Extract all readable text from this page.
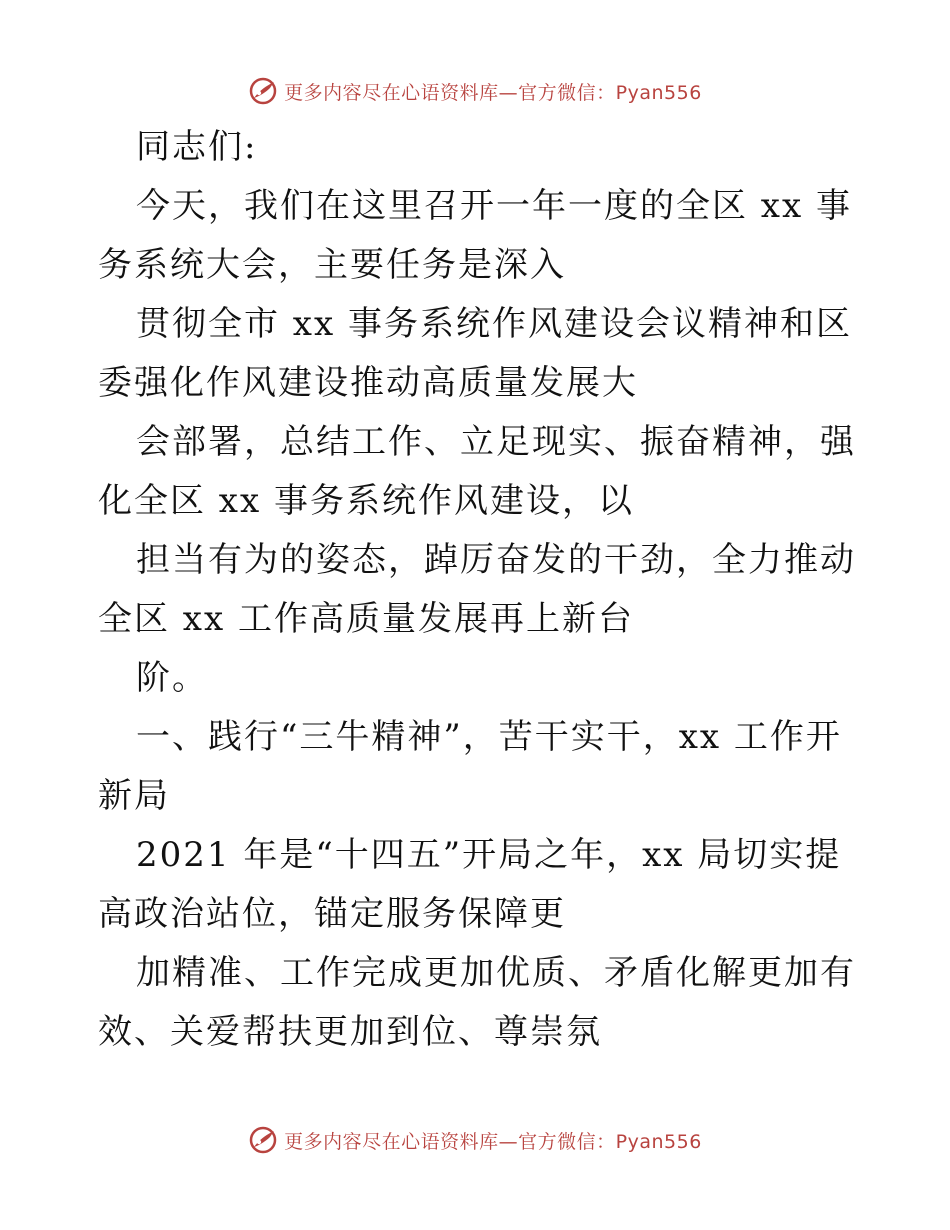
更多内容尽在心语资料库—官方微信：Pyan556

同志们:

今天，我们在这里召开一年一度的全区 xx 事务系统大会，主要任务是深入

贯彻全市 xx 事务系统作风建设会议精神和区委强化作风建设推动高质量发展大

会部署，总结工作、立足现实、振奋精神，强化全区 xx 事务系统作风建设，以

担当有为的姿态，踔厉奋发的干劲，全力推动全区 xx 工作高质量发展再上新台

阶。

一、践行“三牛精神”，苦干实干，xx 工作开新局

2021 年是“十四五”开局之年，xx 局切实提高政治站位，锚定服务保障更

加精准、工作完成更加优质、矛盾化解更加有效、关爱帮扶更加到位、尊崇氛

更多内容尽在心语资料库—官方微信：Pyan556
